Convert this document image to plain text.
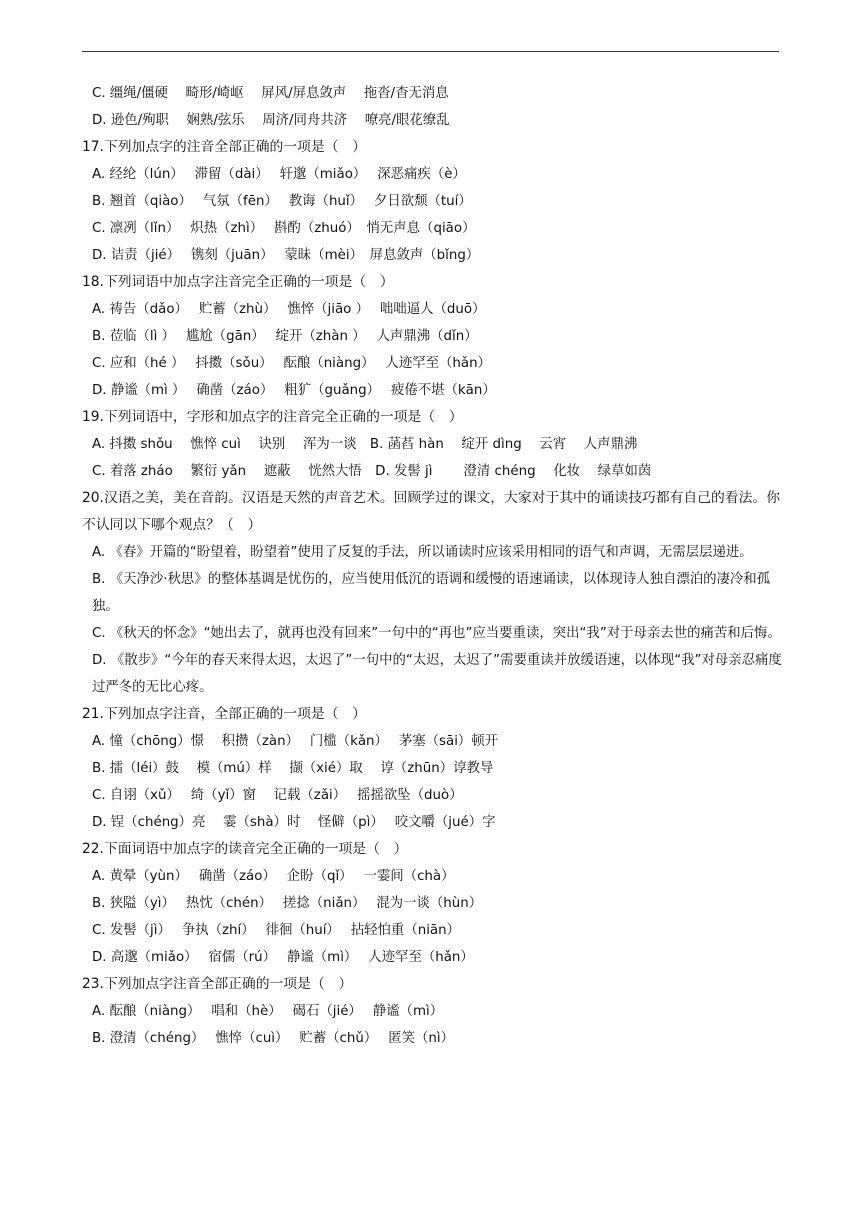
C. 缰绳/僵硬　 畸形/崎岖　 屏风/屏息敛声　 拖沓/杳无消息
D. 逊色/殉职　 娴熟/弦乐　 周济/同舟共济　 嘹亮/眼花缭乱
17.下列加点字的注音全部正确的一项是（　）
A. 经纶（lún）　 滞留（dài）　 轩邈（miǎo）　 深恶痛疾（è）
B. 翘首（qiào）　 气氛（fēn）　 教诲（huǐ）　 夕日欲颓（tuí）
C. 凛冽（lǐn）　 炽热（zhì）　 斟酌（zhuó）　悄无声息（qiāo）
D. 诘责（jié）　 镌刻（juān）　 蒙昧（mèi）　屏息敛声（bǐng）
18.下列词语中加点字注音完全正确的一项是（　）
A. 祷告（dǎo）　 贮蓄（zhù）　 憔悴（jiāo ）　 咄咄逼人（duō）
B. 莅临（lì ）　 尴尬（gān）　 绽开（zhàn ）　 人声鼎沸（dǐn）
C. 应和（hé ）　 抖擞（sǒu）　 酝酿（niàng）　 人迹罕至（hǎn）
D. 静谧（mì ）　 确凿（záo）　 粗犷（guǎng）　 疲倦不堪（kān）
19.下列词语中，字形和加点字的注音完全正确的一项是（　）
A. 抖擞 shǒu　 憔悴 cuì　 诀别　 浑为一谈　B. 菡萏 hàn　 绽开 dìng　 云宵　 人声鼎沸
C. 着落 zháo　 繁衍 yǎn　 遮蔽　 恍然大悟　D. 发髻 jì　　 澄清 chéng　 化妆　 绿草如茵
20.汉语之美，美在音韵。汉语是天然的声音艺术。回顾学过的课文，大家对于其中的诵读技巧都有自己的看法。你不认同以下哪个观点？（　）
A. 《春》开篇的“盼望着，盼望着”使用了反复的手法，所以诵读时应该采用相同的语气和声调，无需层层递进。
B. 《天净沙·秋思》的整体基调是忧伤的，应当使用低沉的语调和缓慢的语速诵读，以体现诗人独自漂泊的凄冷和孤独。
C. 《秋天的怀念》“她出去了，就再也没有回来”一句中的“再也”应当要重读，突出“我”对于母亲去世的痛苦和后悔。
D. 《散步》“今年的春天来得太迟，太迟了”一句中的“太迟，太迟了”需要重读并放缓语速，以体现“我”对母亲忍痛度过严冬的无比心疼。
21.下列加点字注音，全部正确的一项是（　）
A. 憧（chōng）憬　 积攒（zàn）　 门槛（kǎn）　 茅塞（sāi）顿开
B. 擂（léi）鼓　 模（mú）样　 撷（xié）取　 谆（zhūn）谆教导
C. 自诩（xǔ）　 绮（yǐ）窗　 记载（zǎi）　 摇摇欲坠（duò）
D. 锃（chéng）亮　 霎（shà）时　 怪僻（pì）　 咬文嚼（jué）字
22.下面词语中加点字的读音完全正确的一项是（　）
A. 黄晕（yùn）　 确凿（záo）　 企盼（qǐ）　 一霎间（chà）
B. 狭隘（yì）　 热忱（chén）　 搓捻（niǎn）　 混为一谈（hùn）
C. 发髻（jì）　 争执（zhí）　 徘徊（huí）　 拈轻怕重（niān）
D. 高邈（miǎo）　 宿儒（rú）　 静谧（mì）　 人迹罕至（hǎn）
23.下列加点字注音全部正确的一项是（　）
A. 酝酿（niàng）　 唱和（hè）　 碣石（jié）　 静谧（mì）
B. 澄清（chéng）　 憔悴（cuì）　 贮蓄（chǔ）　 匿笑（nì）
